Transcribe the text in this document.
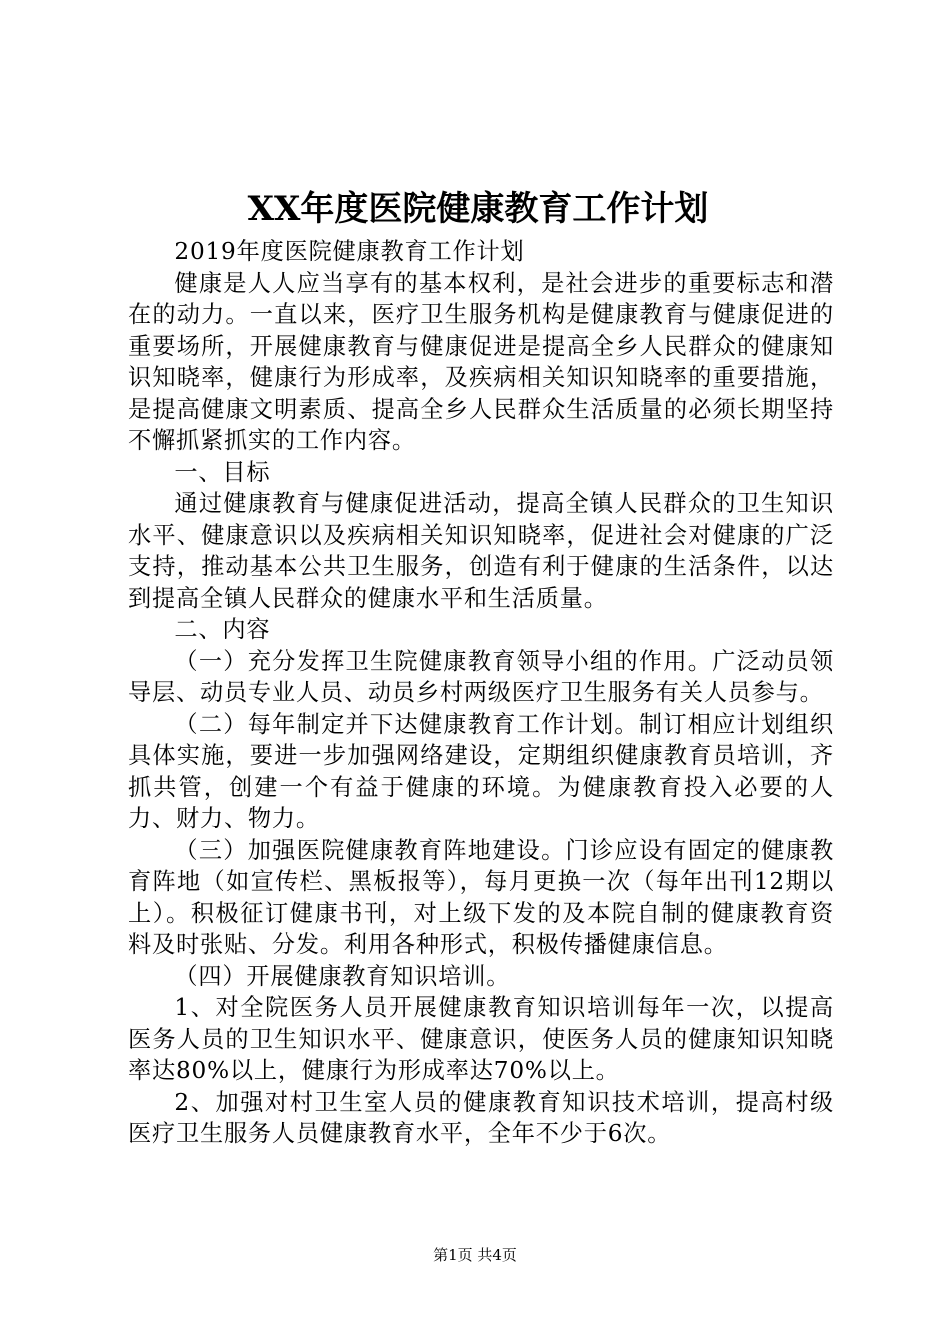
XX年度医院健康教育工作计划

2019年度医院健康教育工作计划

健康是人人应当享有的基本权利，是社会进步的重要标志和潜在的动力。一直以来，医疗卫生服务机构是健康教育与健康促进的重要场所，开展健康教育与健康促进是提高全乡人民群众的健康知识知晓率，健康行为形成率，及疾病相关知识知晓率的重要措施，是提高健康文明素质、提高全乡人民群众生活质量的必须长期坚持不懈抓紧抓实的工作内容。

一、目标

通过健康教育与健康促进活动，提高全镇人民群众的卫生知识水平、健康意识以及疾病相关知识知晓率，促进社会对健康的广泛支持，推动基本公共卫生服务，创造有利于健康的生活条件，以达到提高全镇人民群众的健康水平和生活质量。

二、内容

（一）充分发挥卫生院健康教育领导小组的作用。广泛动员领导层、动员专业人员、动员乡村两级医疗卫生服务有关人员参与。

（二）每年制定并下达健康教育工作计划。制订相应计划组织具体实施，要进一步加强网络建设，定期组织健康教育员培训，齐抓共管，创建一个有益于健康的环境。为健康教育投入必要的人力、财力、物力。

（三）加强医院健康教育阵地建设。门诊应设有固定的健康教育阵地（如宣传栏、黑板报等），每月更换一次（每年出刊12期以上）。积极征订健康书刊，对上级下发的及本院自制的健康教育资料及时张贴、分发。利用各种形式，积极传播健康信息。

（四）开展健康教育知识培训。

1、对全院医务人员开展健康教育知识培训每年一次，以提高医务人员的卫生知识水平、健康意识，使医务人员的健康知识知晓率达80%以上，健康行为形成率达70%以上。

2、加强对村卫生室人员的健康教育知识技术培训，提高村级医疗卫生服务人员健康教育水平，全年不少于6次。

第1页 共4页
